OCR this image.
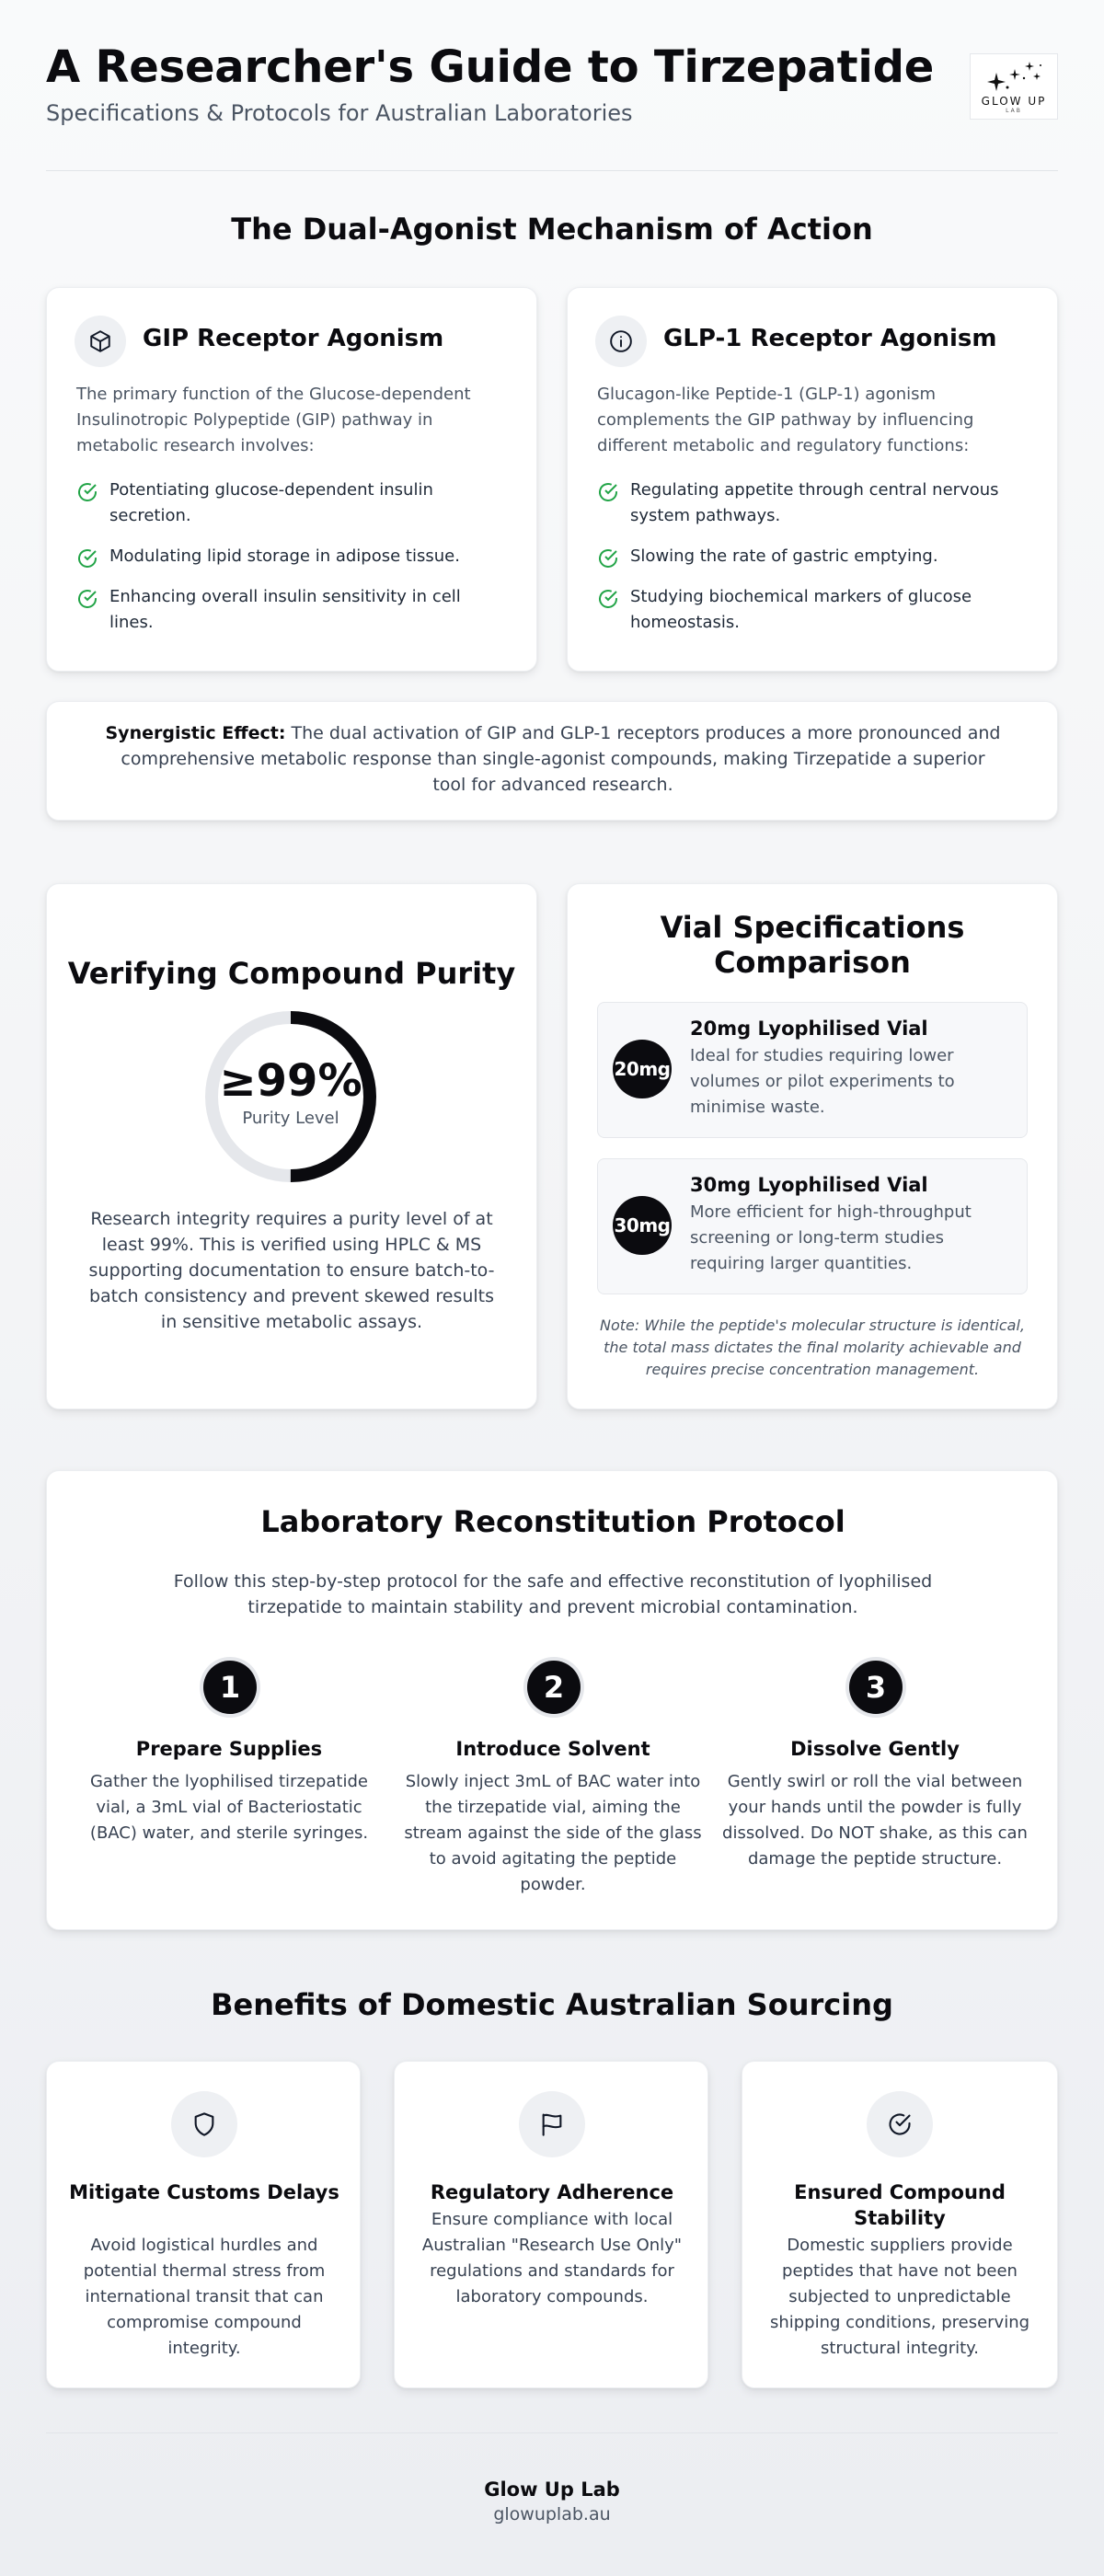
A Researcher's Guide to Tirzepatide
Specifications & Protocols for Australian Laboratories	GLOW UP
LAB
The Dual-Agonist Mechanism of Action
GIP Receptor Agonism
The primary function of the Glucose-dependent Insulinotropic Polypeptide (GIP) pathway in metabolic research involves:
Potentiating glucose-dependent insulin secretion.
Modulating lipid storage in adipose tissue.
Enhancing overall insulin sensitivity in cell lines.
GLP-1 Receptor Agonism
Glucagon-like Peptide-1 (GLP-1) agonism complements the GIP pathway by influencing different metabolic and regulatory functions:
Regulating appetite through central nervous system pathways.
Slowing the rate of gastric emptying.
Studying biochemical markers of glucose homeostasis.
Synergistic Effect: The dual activation of GIP and GLP-1 receptors produces a more pronounced and comprehensive metabolic response than single-agonist compounds, making Tirzepatide a superior tool for advanced research.
Verifying Compound Purity
≥99%
Purity Level
Research integrity requires a purity level of at least 99%. This is verified using HPLC & MS supporting documentation to ensure batch-to-batch consistency and prevent skewed results in sensitive metabolic assays.
Vial Specifications Comparison
20mg
20mg Lyophilised Vial
Ideal for studies requiring lower volumes or pilot experiments to minimise waste.
30mg
30mg Lyophilised Vial
More efficient for high-throughput screening or long-term studies requiring larger quantities.
Note: While the peptide's molecular structure is identical, the total mass dictates the final molarity achievable and requires precise concentration management.
Laboratory Reconstitution Protocol
Follow this step-by-step protocol for the safe and effective reconstitution of lyophilised tirzepatide to maintain stability and prevent microbial contamination.
1
Prepare Supplies
Gather the lyophilised tirzepatide vial, a 3mL vial of Bacteriostatic (BAC) water, and sterile syringes.
2
Introduce Solvent
Slowly inject 3mL of BAC water into the tirzepatide vial, aiming the stream against the side of the glass to avoid agitating the peptide powder.
3
Dissolve Gently
Gently swirl or roll the vial between your hands until the powder is fully dissolved. Do NOT shake, as this can damage the peptide structure.
Benefits of Domestic Australian Sourcing
Mitigate Customs Delays
Avoid logistical hurdles and potential thermal stress from international transit that can compromise compound integrity.
Regulatory Adherence
Ensure compliance with local Australian "Research Use Only" regulations and standards for laboratory compounds.
Ensured Compound Stability
Domestic suppliers provide peptides that have not been subjected to unpredictable shipping conditions, preserving structural integrity.
Glow Up Lab
glowuplab.au
